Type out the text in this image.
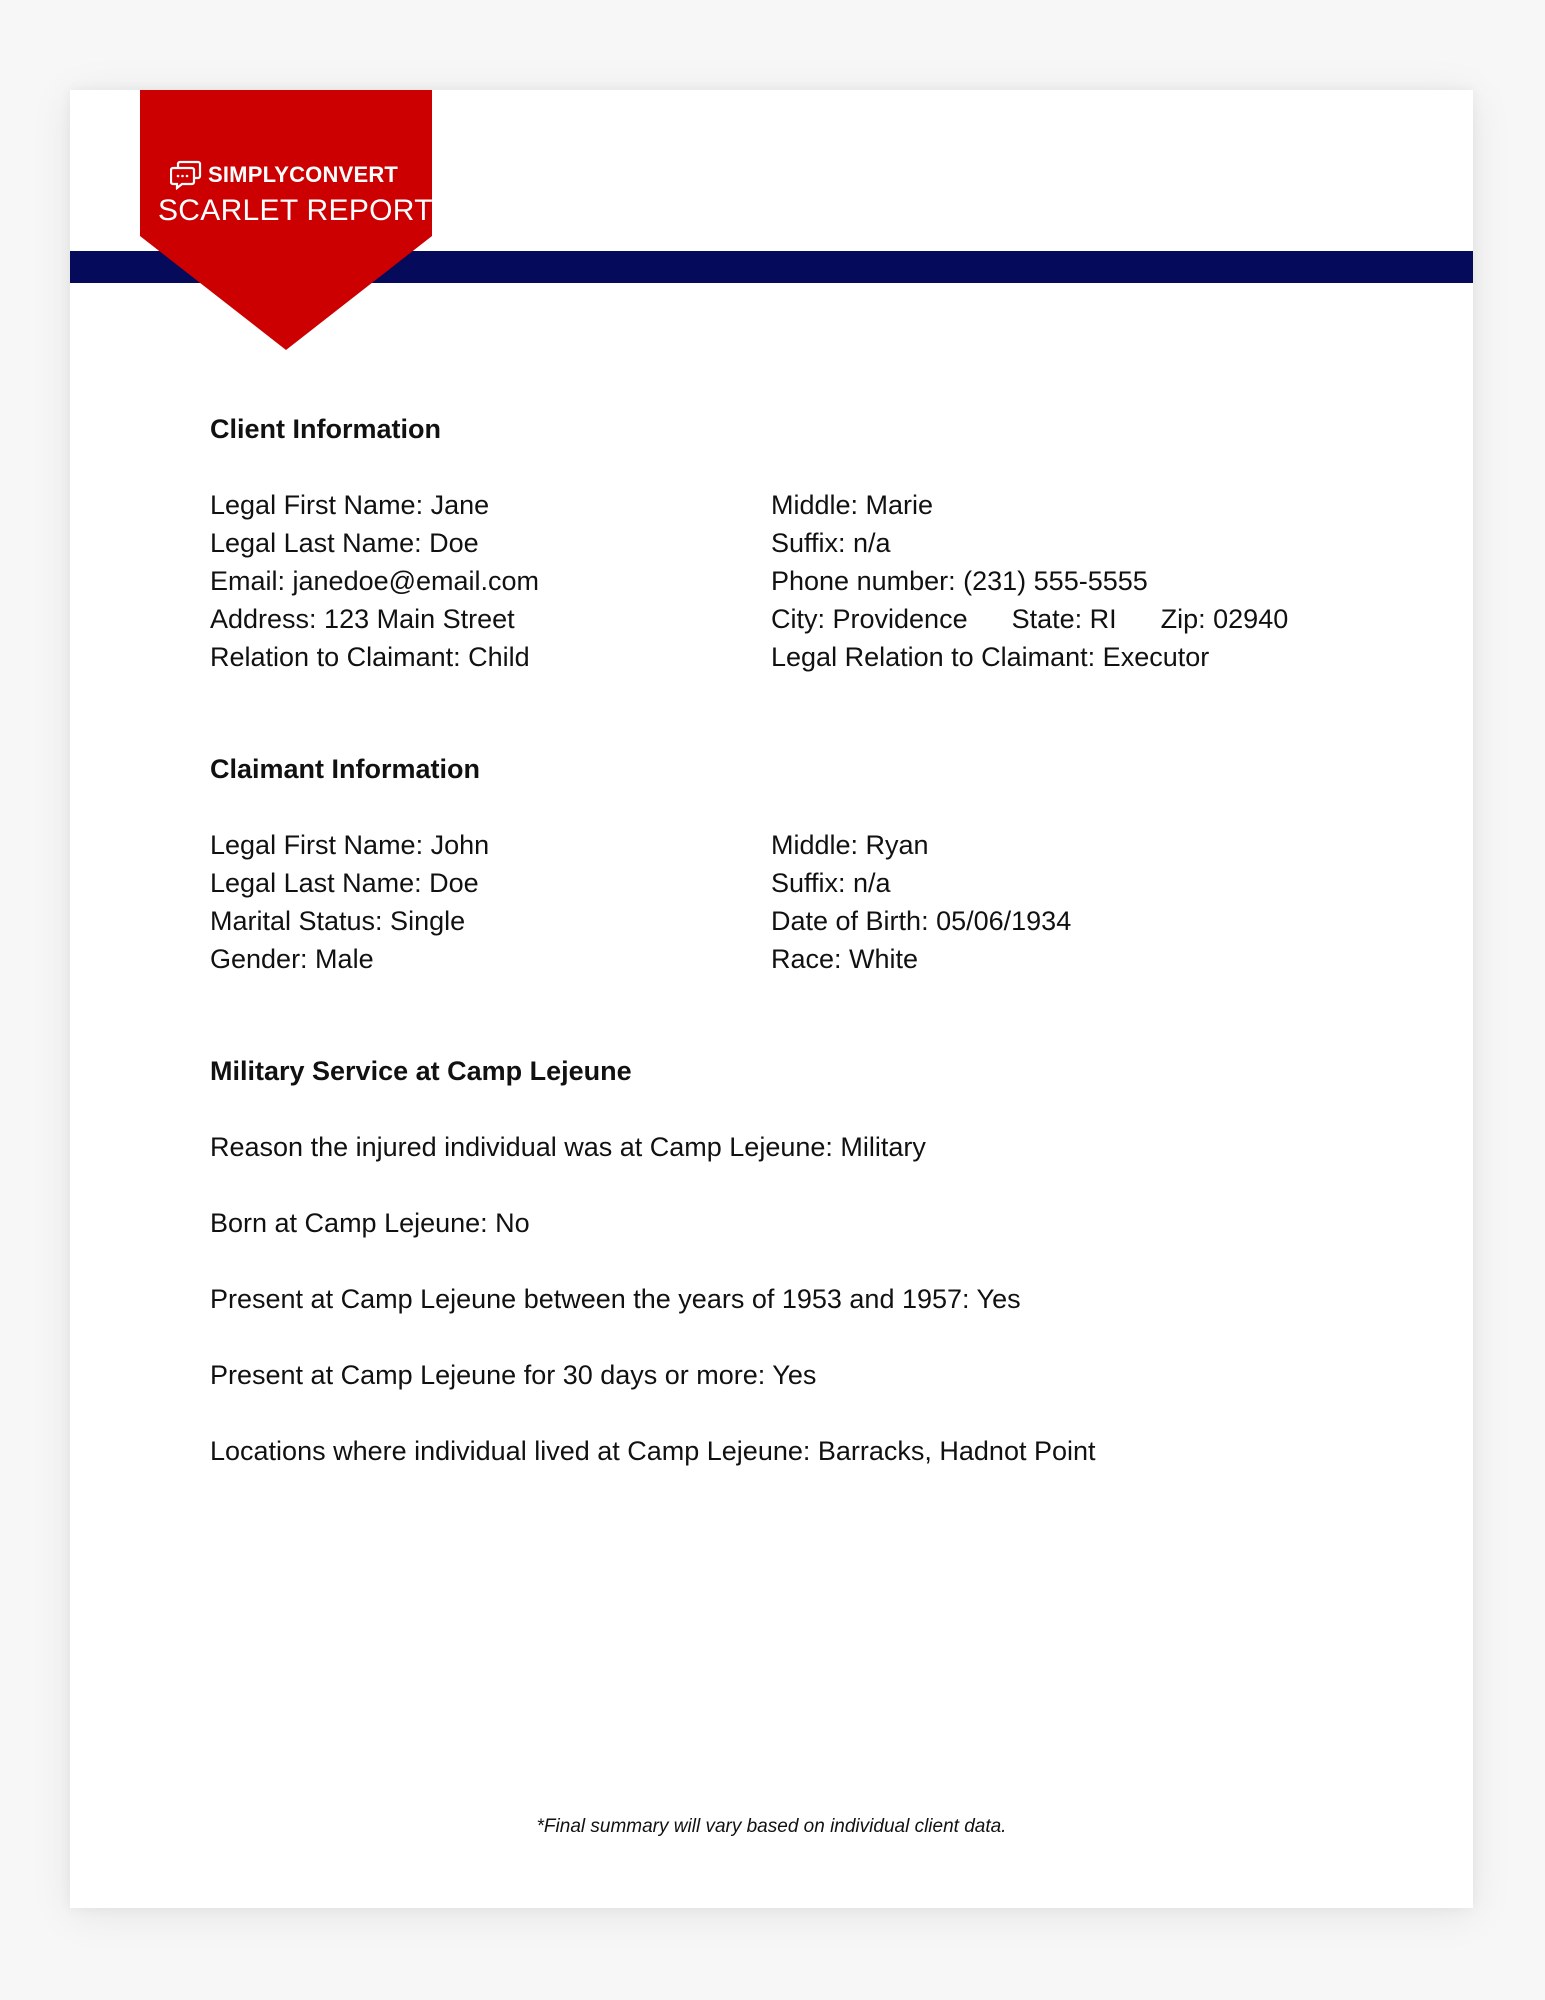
SIMPLYCONVERT
SCARLET REPORT
Client Information
Legal First Name: Jane
Legal Last Name: Doe
Email: janedoe@email.com
Address: 123 Main Street
Relation to Claimant: Child
Middle: Marie
Suffix: n/a
Phone number: (231) 555-5555
City: Providence State: RI Zip: 02940
Legal Relation to Claimant: Executor
Claimant Information
Legal First Name: John
Legal Last Name: Doe
Marital Status: Single
Gender: Male
Middle: Ryan
Suffix: n/a
Date of Birth: 05/06/1934
Race: White
Military Service at Camp Lejeune

Reason the injured individual was at Camp Lejeune: Military

Born at Camp Lejeune: No

Present at Camp Lejeune between the years of 1953 and 1957: Yes

Present at Camp Lejeune for 30 days or more: Yes

Locations where individual lived at Camp Lejeune: Barracks, Hadnot Point

*Final summary will vary based on individual client data.
